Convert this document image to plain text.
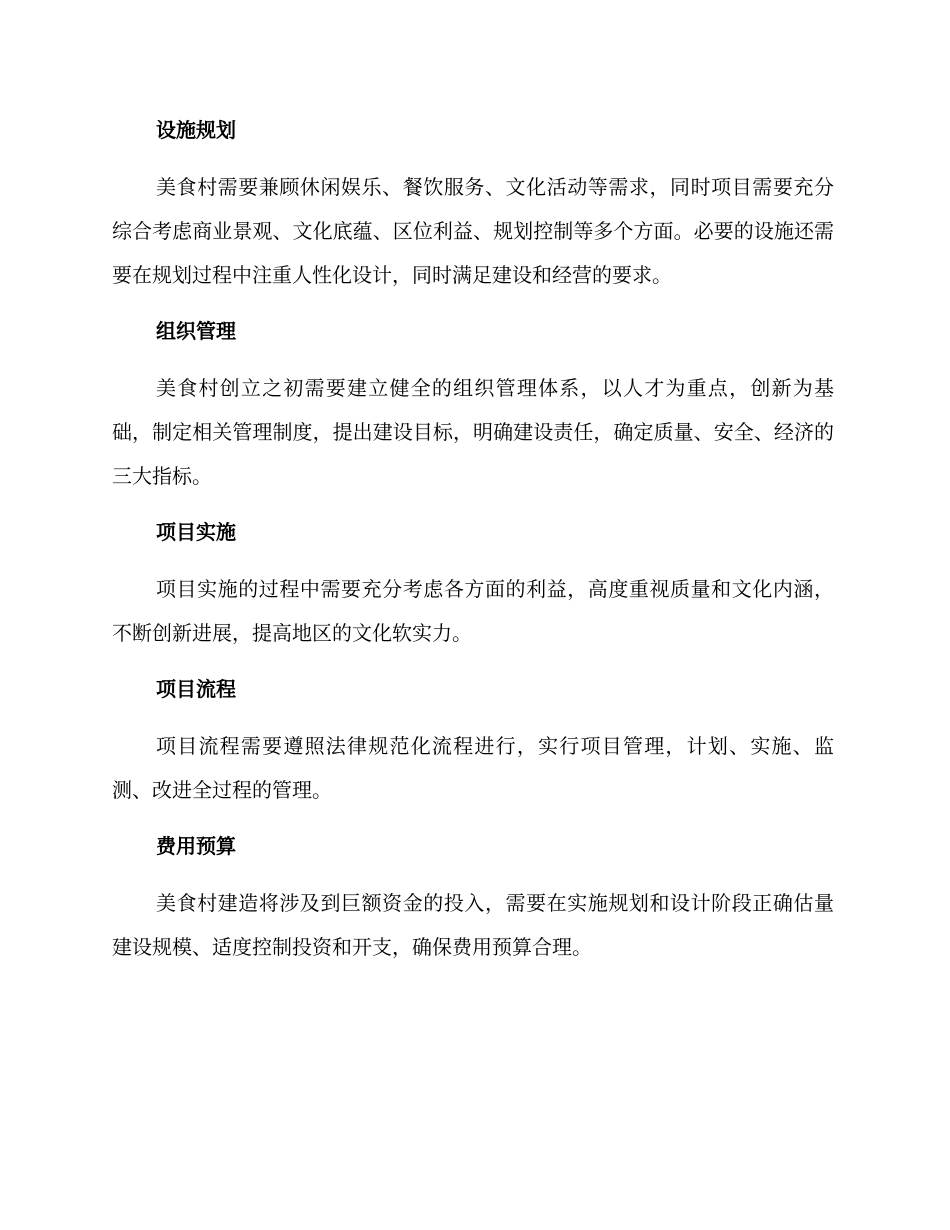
设施规划

美食村需要兼顾休闲娱乐、餐饮服务、文化活动等需求，同时项目需要充分综合考虑商业景观、文化底蕴、区位利益、规划控制等多个方面。必要的设施还需要在规划过程中注重人性化设计，同时满足建设和经营的要求。

组织管理

美食村创立之初需要建立健全的组织管理体系，以人才为重点，创新为基础，制定相关管理制度，提出建设目标，明确建设责任，确定质量、安全、经济的三大指标。

项目实施

项目实施的过程中需要充分考虑各方面的利益，高度重视质量和文化内涵，不断创新进展，提高地区的文化软实力。

项目流程

项目流程需要遵照法律规范化流程进行，实行项目管理，计划、实施、监测、改进全过程的管理。

费用预算

美食村建造将涉及到巨额资金的投入，需要在实施规划和设计阶段正确估量建设规模、适度控制投资和开支，确保费用预算合理。
